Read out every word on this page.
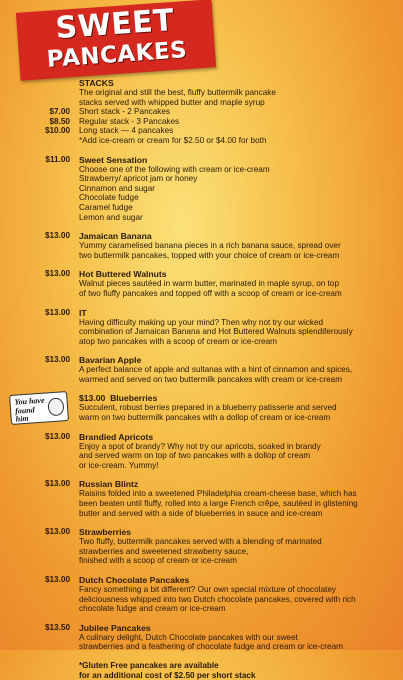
SWEET
PANCAKES
$7.00
$8.50
$10.00
STACKS
The original and still the best, fluffy buttermilk pancake
stacks served with whipped butter and maple syrup
Short stack - 2 Pancakes
Regular stack - 3 Pancakes
Long stack — 4 pancakes
*Add ice-cream or cream for $2.50 or $4.00 for both
$11.00 Sweet Sensation
Choose one of the following with cream or ice-cream
Strawberry/ apricot jam or honey
Cinnamon and sugar
Chocolate fudge
Caramel fudge
Lemon and sugar
$13.00 Jamaican Banana
Yummy caramelised banana pieces in a rich banana sauce, spread over
two buttermilk pancakes, topped with your choice of cream or ice-cream
$13.00 Hot Buttered Walnuts
Walnut pieces sautéed in warm butter, marinated in maple syrup, on top
of two fluffy pancakes and topped off with a scoop of cream or ice-cream
$13.00 IT
Having difficulty making up your mind? Then why not try our wicked
combination of Jamaican Banana and Hot Buttered Walnuts splendiferously
atop two pancakes with a scoop of cream or ice-cream
$13.00 Bavarian Apple
A perfect balance of apple and sultanas with a hint of cinnamon and spices,
warmed and served on two buttermilk pancakes with cream or ice-cream
You have
found
him
$13.00 Blueberries
Succulent, robust berries prepared in a blueberry patisserie and served
warm on two buttermilk pancakes with a dollop of cream or ice-cream
$13.00 Brandied Apricots
Enjoy a spot of brandy? Why not try our apricots, soaked in brandy
and served warm on top of two pancakes with a dollop of cream
or ice-cream. Yummy!
$13.00 Russian Blintz
Raisins folded into a sweetened Philadelphia cream-cheese base, which has
been beaten until fluffy, rolled into a large French crêpe, sautéed in glistening
butter and served with a side of blueberries in sauce and ice-cream
$13.00 Strawberries
Two fluffy, buttermilk pancakes served with a blending of marinated
strawberries and sweetened strawberry sauce,
finished with a scoop of cream or ice-cream
$13.00 Dutch Chocolate Pancakes
Fancy something a bit different? Our own special mixture of chocolatey
deliciousness whipped into two Dutch chocolate pancakes, covered with rich
chocolate fudge and cream or ice-cream
$13.50 Jubilee Pancakes
A culinary delight, Dutch Chocolate pancakes with our sweet
strawberries and a feathering of chocolate fudge and cream or ice-cream
*Gluten Free pancakes are available
for an additional cost of $2.50 per short stack
